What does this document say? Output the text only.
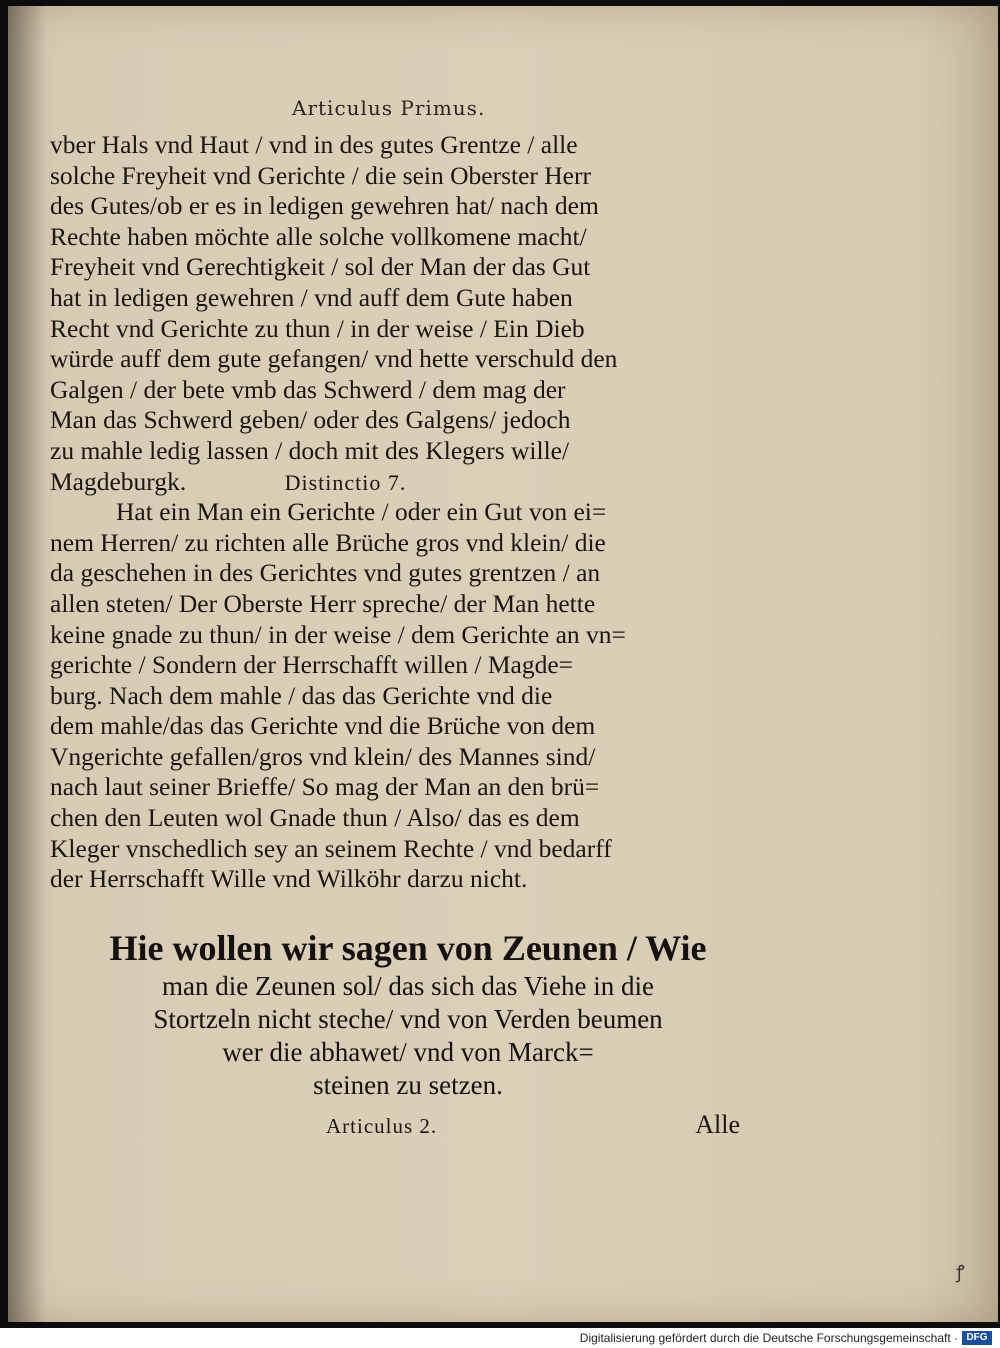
Articulus Primus.
vber Hals vnd Haut / vnd in des gutes Grentze / alle
solche Freyheit vnd Gerichte / die sein Oberster Herr
des Gutes/ob er es in ledigen gewehren hat/ nach dem
Rechte haben möchte alle solche vollkomene macht/
Freyheit vnd Gerechtigkeit / sol der Man der das Gut
hat in ledigen gewehren / vnd auff dem Gute haben
Recht vnd Gerichte zu thun / in der weise / Ein Dieb
würde auff dem gute gefangen/ vnd hette verschuld den
Galgen / der bete vmb das Schwerd / dem mag der
Man das Schwerd geben/ oder des Galgens/ jedoch
zu mahle ledig lassen / doch mit des Klegers wille/
Magdeburgk.	Distinctio 7.
Hat ein Man ein Gerichte / oder ein Gut von ei=
nem Herren/ zu richten alle Brüche gros vnd klein/ die
da geschehen in des Gerichtes vnd gutes grentzen / an
allen steten/ Der Oberste Herr spreche/ der Man hette
keine gnade zu thun/ in der weise / dem Gerichte an vn=
gerichte / Sondern der Herrschafft willen / Magde=
burg. Nach dem mahle / das das Gerichte vnd die
dem mahle/das das Gerichte vnd die Brüche von dem
Vngerichte gefallen/gros vnd klein/ des Mannes sind/
nach laut seiner Brieffe/ So mag der Man an den brü=
chen den Leuten wol Gnade thun / Also/ das es dem
Kleger vnschedlich sey an seinem Rechte / vnd bedarff
der Herrschafft Wille vnd Wilköhr darzu nicht.
Hie wollen wir sagen von Zeunen / Wie
man die Zeunen sol/ das sich das Viehe in die
Stortzeln nicht steche/ vnd von Verden beumen
wer die abhawet/ vnd von Marck=
steinen zu setzen.
Articulus 2.	Alle
ꝭ
Digitalisierung gefördert durch die Deutsche Forschungsgemeinschaft · DFG
